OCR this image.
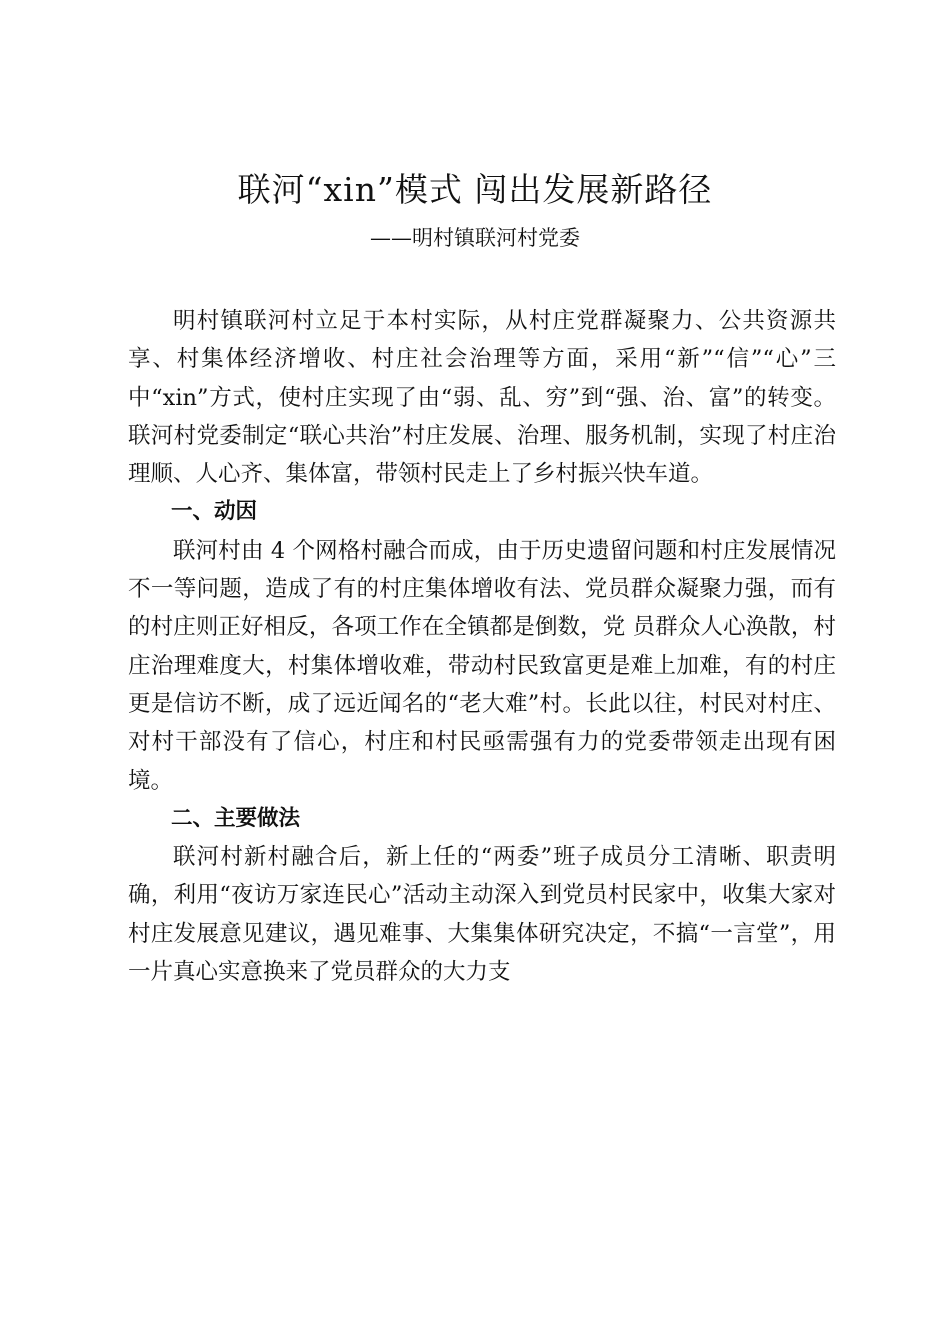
联河“xin”模式 闯出发展新路径
——明村镇联河村党委

明村镇联河村立足于本村实际，从村庄党群凝聚力、公共资源共享、村集体经济增收、村庄社会治理等方面，采用“新”“信”“心”三中“xin”方式，使村庄实现了由“弱、乱、穷”到“强、治、富”的转变。联河村党委制定“联心共治”村庄发展、治理、服务机制，实现了村庄治理顺、人心齐、集体富，带领村民走上了乡村振兴快车道。

一、动因

联河村由 4 个网格村融合而成，由于历史遗留问题和村庄发展情况不一等问题，造成了有的村庄集体增收有法、党员群众凝聚力强，而有的村庄则正好相反，各项工作在全镇都是倒数，党 员群众人心涣散，村庄治理难度大，村集体增收难，带动村民致富更是难上加难，有的村庄更是信访不断，成了远近闻名的“老大难”村。长此以往，村民对村庄、对村干部没有了信心，村庄和村民亟需强有力的党委带领走出现有困境。

二、主要做法

联河村新村融合后，新上任的“两委”班子成员分工清晰、职责明确，利用“夜访万家连民心”活动主动深入到党员村民家中，收集大家对村庄发展意见建议，遇见难事、大集集体研究决定，不搞“一言堂”，用一片真心实意换来了党员群众的大力支
